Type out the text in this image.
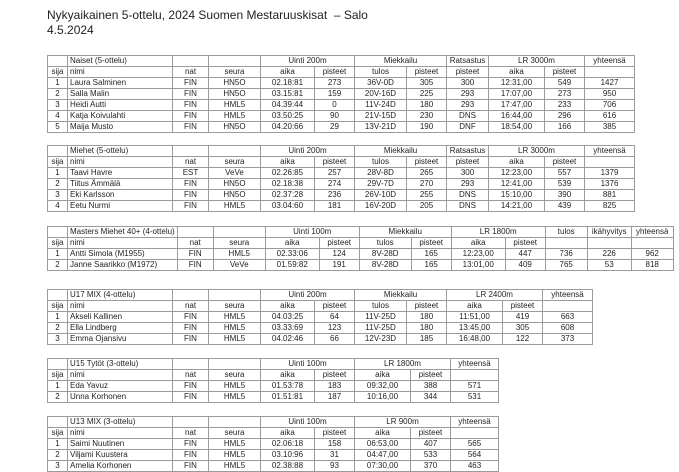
Nykyaikainen 5-ottelu, 2024 Suomen Mestaruuskisat  – Salo
4.5.2024
	Naiset (5-ottelu)			Uinti 200m		Miekkailu		Ratsastus	LR 3000m		yhteensä
sija	nimi	nat	seura	aika	pisteet	tulos	pisteet	pisteet	aika	pisteet	
1	Laura Salminen	FIN	HN5O	02.18:81	273	36V-0D	305	300	12:31,00	549	1427
2	Salla Malin	FIN	HN5O	03.15:81	159	20V-16D	225	293	17:07,00	273	950
3	Heidi Autti	FIN	HML5	04.39:44	0	11V-24D	180	293	17:47,00	233	706
4	Katja Koivulahti	FIN	HML5	03.50:25	90	21V-15D	230	DNS	16:44,00	296	616
5	Maija Musto	FIN	HN5O	04.20:66	29	13V-21D	190	DNF	18:54,00	166	385
	Miehet (5-ottelu)			Uinti 200m		Miekkailu		Ratsastus	LR 3000m		yhteensä
sija	nimi	nat	seura	aika	pisteet	tulos	pisteet	pisteet	aika	pisteet	
1	Taavi Havre	EST	VeVe	02.26:85	257	28V-8D	265	300	12:23,00	557	1379
2	Tiitus Ämmälä	FIN	HN5O	02.18:38	274	29V-7D	270	293	12:41,00	539	1376
3	Eki Karlsson	FIN	HN5O	02.37:28	236	26V-10D	255	DNS	15:10,00	390	881
4	Eetu Nurmi	FIN	HML5	03.04:60	181	16V-20D	205	DNS	14:21,00	439	825
	Masters Miehet 40+ (4-ottelu)			Uinti 100m		Miekkailu		LR 1800m		tulos	ikähyvitys	yhteensä
sija	nimi	nat	seura	aika	pisteet	tulos	pisteet	aika	pisteet			
1	Antti Simola (M1955)	FIN	HML5	02.33:06	124	8V-28D	165	12:23,00	447	736	226	962
2	Janne Saarikko (M1972)	FIN	VeVe	01.59:82	191	8V-28D	165	13:01,00	409	765	53	818
	U17 MIX (4-ottelu)			Uinti 200m		Miekkailu		LR 2400m		yhteensä
sija	nimi	nat	seura	aika	pisteet	tulos	pisteet	aika	pisteet	
1	Akseli Kallinen	FIN	HML5	04.03:25	64	11V-25D	180	11:51,00	419	663
2	Ella Lindberg	FIN	HML5	03.33:69	123	11V-25D	180	13:45,00	305	608
3	Emma Ojansivu	FIN	HML5	04.02:46	66	12V-23D	185	16:48,00	122	373
	U15 Tytöt (3-ottelu)			Uinti 100m		LR 1800m		yhteensä
sija	nimi	nat	seura	aika	pisteet	aika	pisteet	
1	Eda Yavuz	FIN	HML5	01.53:78	183	09:32,00	388	571
2	Unna Korhonen	FIN	HML5	01.51:81	187	10:16,00	344	531
	U13 MIX (3-ottelu)			Uinti 100m		LR 900m		yhteensä
sija	nimi	nat	seura	aika	pisteet	aika	pisteet	
1	Saimi Nuutinen	FIN	HML5	02.06:18	158	06:53,00	407	565
2	Viljami Kuustera	FIN	HML5	03.10:96	31	04:47,00	533	564
3	Amelia Korhonen	FIN	HML5	02.38:88	93	07:30,00	370	463
